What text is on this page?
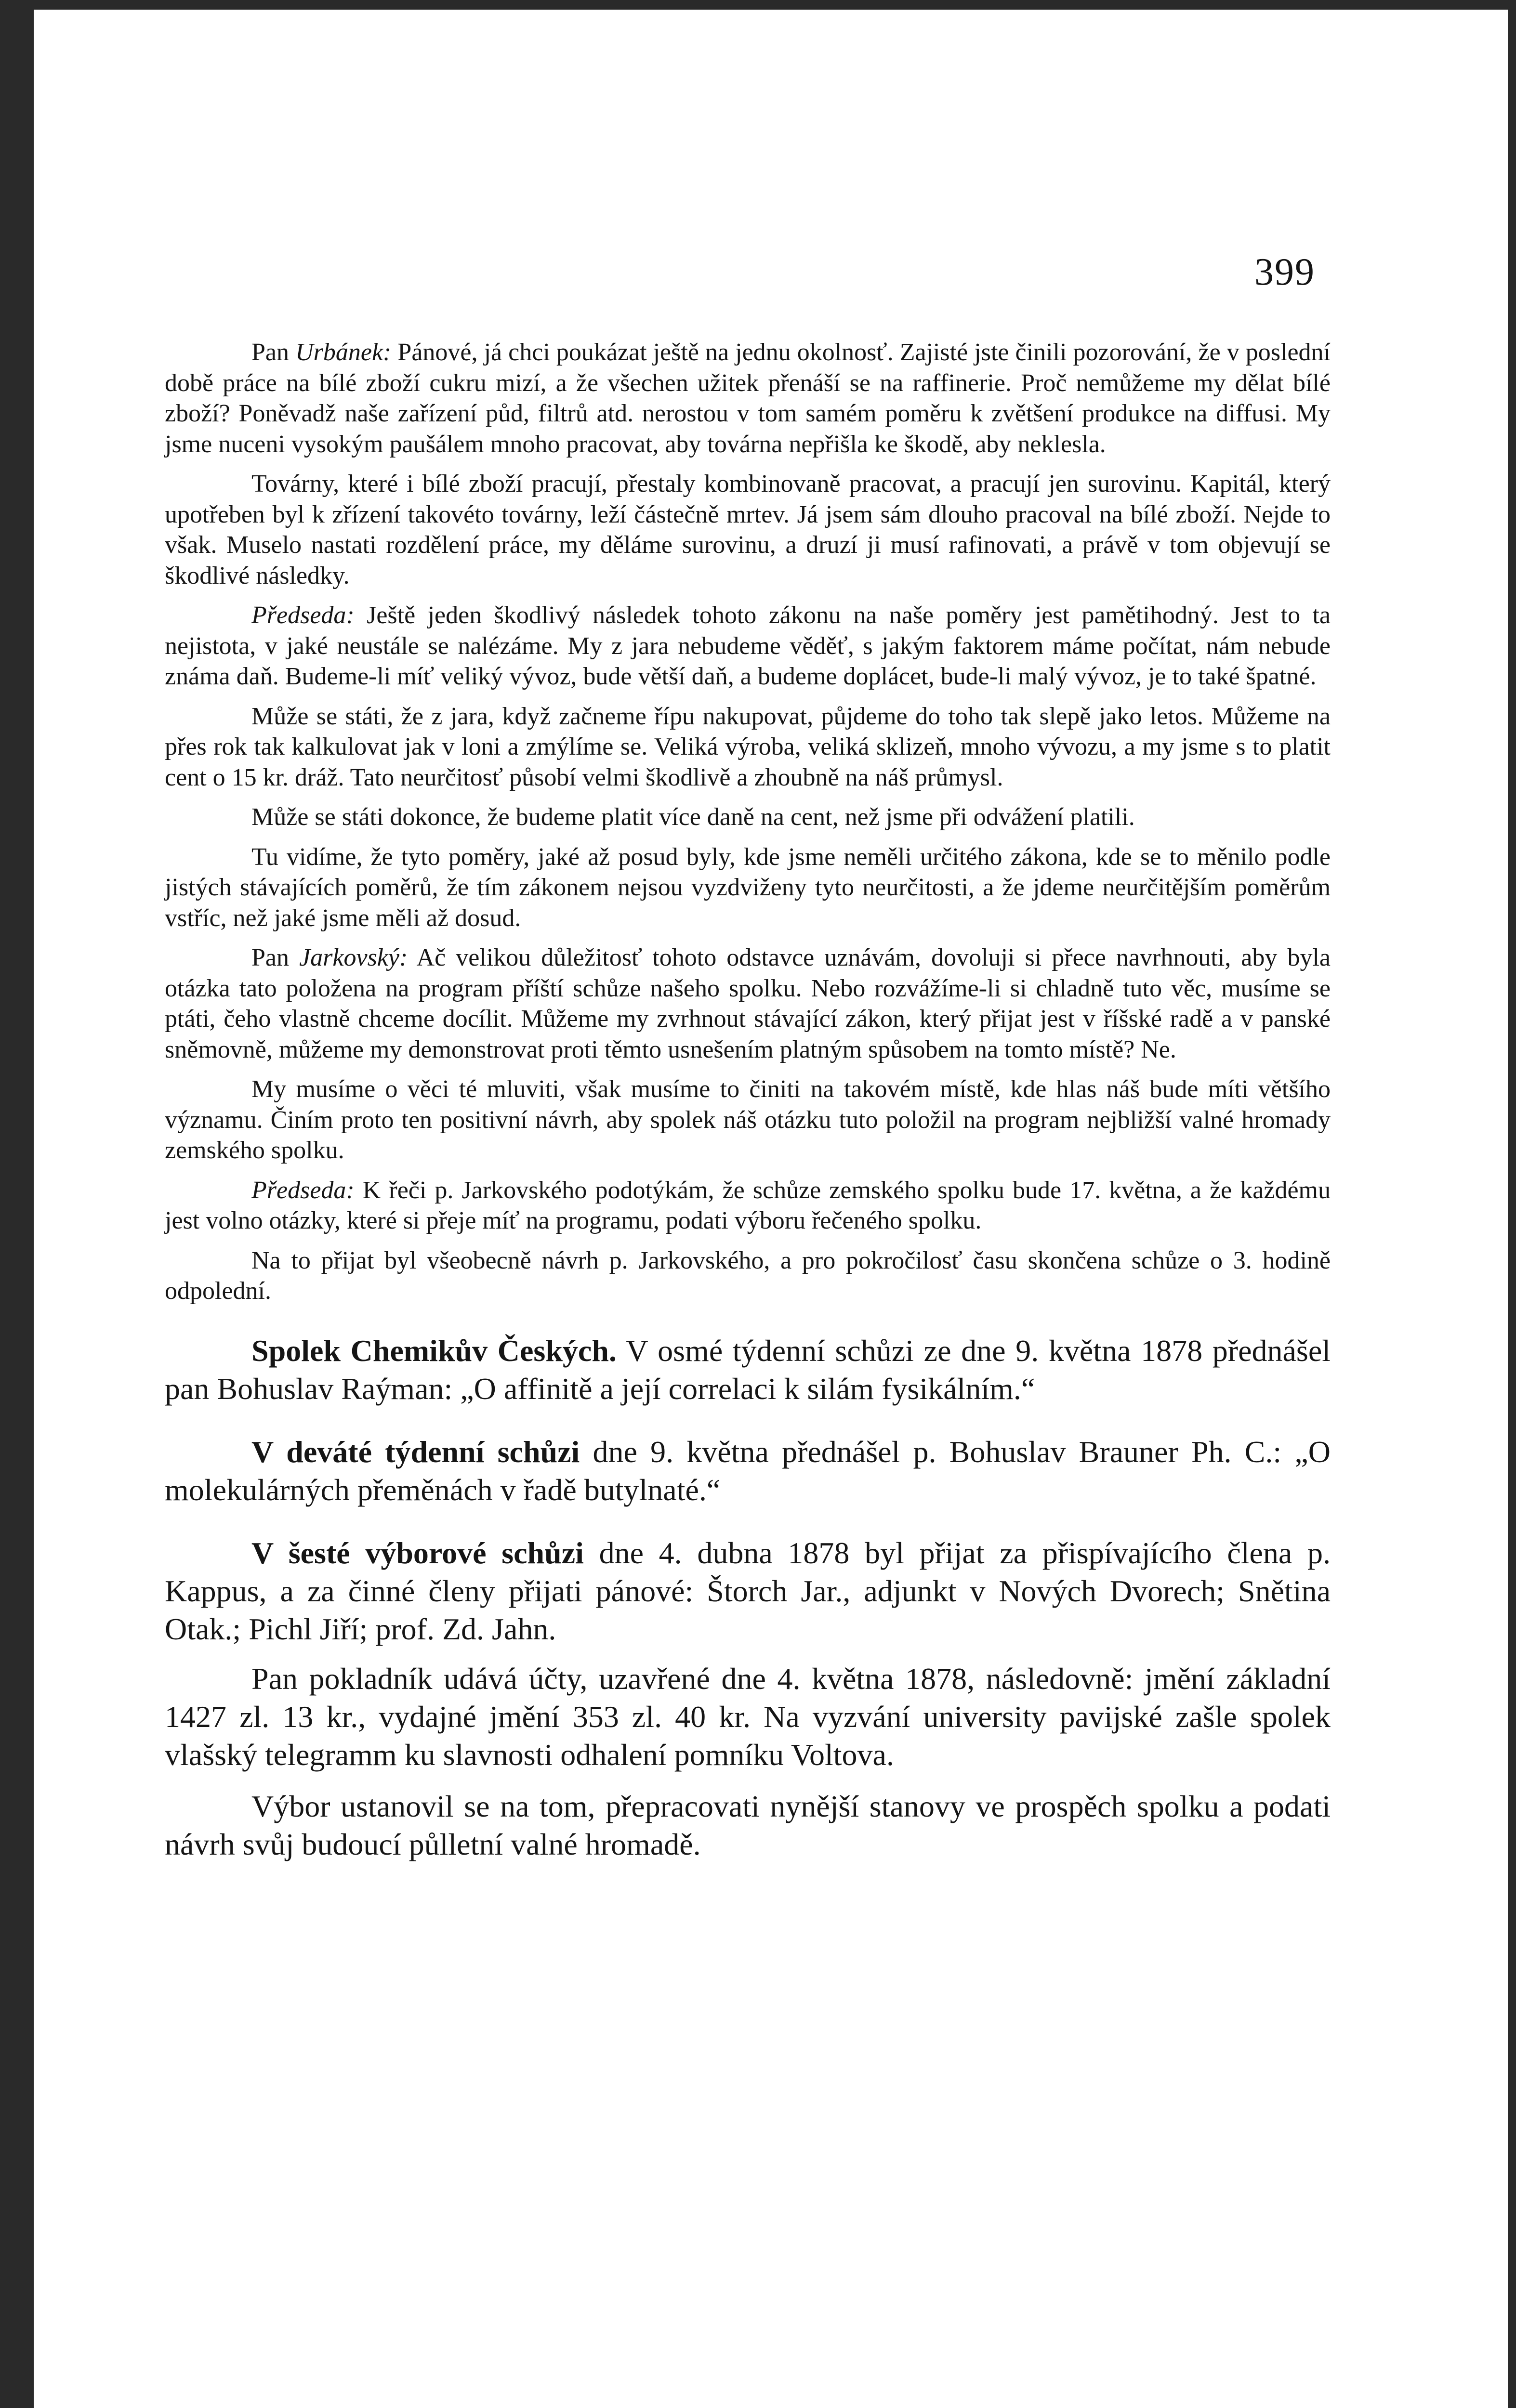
399

Pan Urbánek: Pánové, já chci poukázat ještě na jednu okolnosť. Zajisté jste činili pozorování, že v poslední době práce na bílé zboží cukru mizí, a že všechen užitek přenáší se na raffinerie. Proč nemůžeme my dělat bílé zboží? Poněvadž naše zařízení půd, filtrů atd. nerostou v tom samém poměru k zvětšení produkce na diffusi. My jsme nuceni vysokým paušálem mnoho pracovat, aby továrna nepřišla ke škodě, aby neklesla.

Továrny, které i bílé zboží pracují, přestaly kombinovaně pracovat, a pracují jen surovinu. Kapitál, který upotřeben byl k zřízení takovéto továrny, leží částečně mrtev. Já jsem sám dlouho pracoval na bílé zboží. Nejde to však. Muselo nastati rozdělení práce, my děláme surovinu, a druzí ji musí rafinovati, a právě v tom objevují se škodlivé následky.

Předseda: Ještě jeden škodlivý následek tohoto zákonu na naše poměry jest pamětihodný. Jest to ta nejistota, v jaké neustále se nalézáme. My z jara nebudeme věděť, s jakým faktorem máme počítat, nám nebude známa daň. Budeme-li míť veliký vývoz, bude větší daň, a budeme doplácet, bude-li malý vývoz, je to také špatné.

Může se státi, že z jara, když začneme řípu nakupovat, půjdeme do toho tak slepě jako letos. Můžeme na přes rok tak kalkulovat jak v loni a zmýlíme se. Veliká výroba, veliká sklizeň, mnoho vývozu, a my jsme s to platit cent o 15 kr. dráž. Tato neurčitosť působí velmi škodlivě a zhoubně na náš průmysl.

Může se státi dokonce, že budeme platit více daně na cent, než jsme při odvážení platili.

Tu vidíme, že tyto poměry, jaké až posud byly, kde jsme neměli určitého zákona, kde se to měnilo podle jistých stávajících poměrů, že tím zákonem nejsou vyzdviženy tyto neurčitosti, a že jdeme neurčitějším poměrům vstříc, než jaké jsme měli až dosud.

Pan Jarkovský: Ač velikou důležitosť tohoto odstavce uznávám, dovoluji si přece navrhnouti, aby byla otázka tato položena na program příští schůze našeho spolku. Nebo rozvážíme-li si chladně tuto věc, musíme se ptáti, čeho vlastně chceme docílit. Můžeme my zvrhnout stávající zákon, který přijat jest v říšské radě a v panské sněmovně, můžeme my demonstrovat proti těmto usnešením platným spůsobem na tomto místě? Ne.

My musíme o věci té mluviti, však musíme to činiti na takovém místě, kde hlas náš bude míti většího významu. Činím proto ten positivní návrh, aby spolek náš otázku tuto položil na program nejbližší valné hromady zemského spolku.

Předseda: K řeči p. Jarkovského podotýkám, že schůze zemského spolku bude 17. května, a že každému jest volno otázky, které si přeje míť na programu, podati výboru řečeného spolku.

Na to přijat byl všeobecně návrh p. Jarkovského, a pro pokročilosť času skončena schůze o 3. hodině odpolední.

Spolek Chemikův Českých. V osmé týdenní schůzi ze dne 9. května 1878 přednášel pan Bohuslav Raýman: „O affinitě a její correlaci k silám fysikálním.“

V deváté týdenní schůzi dne 9. května přednášel p. Bohuslav Brauner Ph. C.: „O molekulárných přeměnách v řadě butylnaté.“

V šesté výborové schůzi dne 4. dubna 1878 byl přijat za přispívajícího člena p. Kappus, a za činné členy přijati pánové: Štorch Jar., adjunkt v Nových Dvorech; Snětina Otak.; Pichl Jiří; prof. Zd. Jahn.

Pan pokladník udává účty, uzavřené dne 4. května 1878, následovně: jmění základní 1427 zl. 13 kr., vydajné jmění 353 zl. 40 kr. Na vyzvání university pavijské zašle spolek vlašský telegramm ku slavnosti odhalení pomníku Voltova.

Výbor ustanovil se na tom, přepracovati nynější stanovy ve prospěch spolku a podati návrh svůj budoucí půlletní valné hromadě.
